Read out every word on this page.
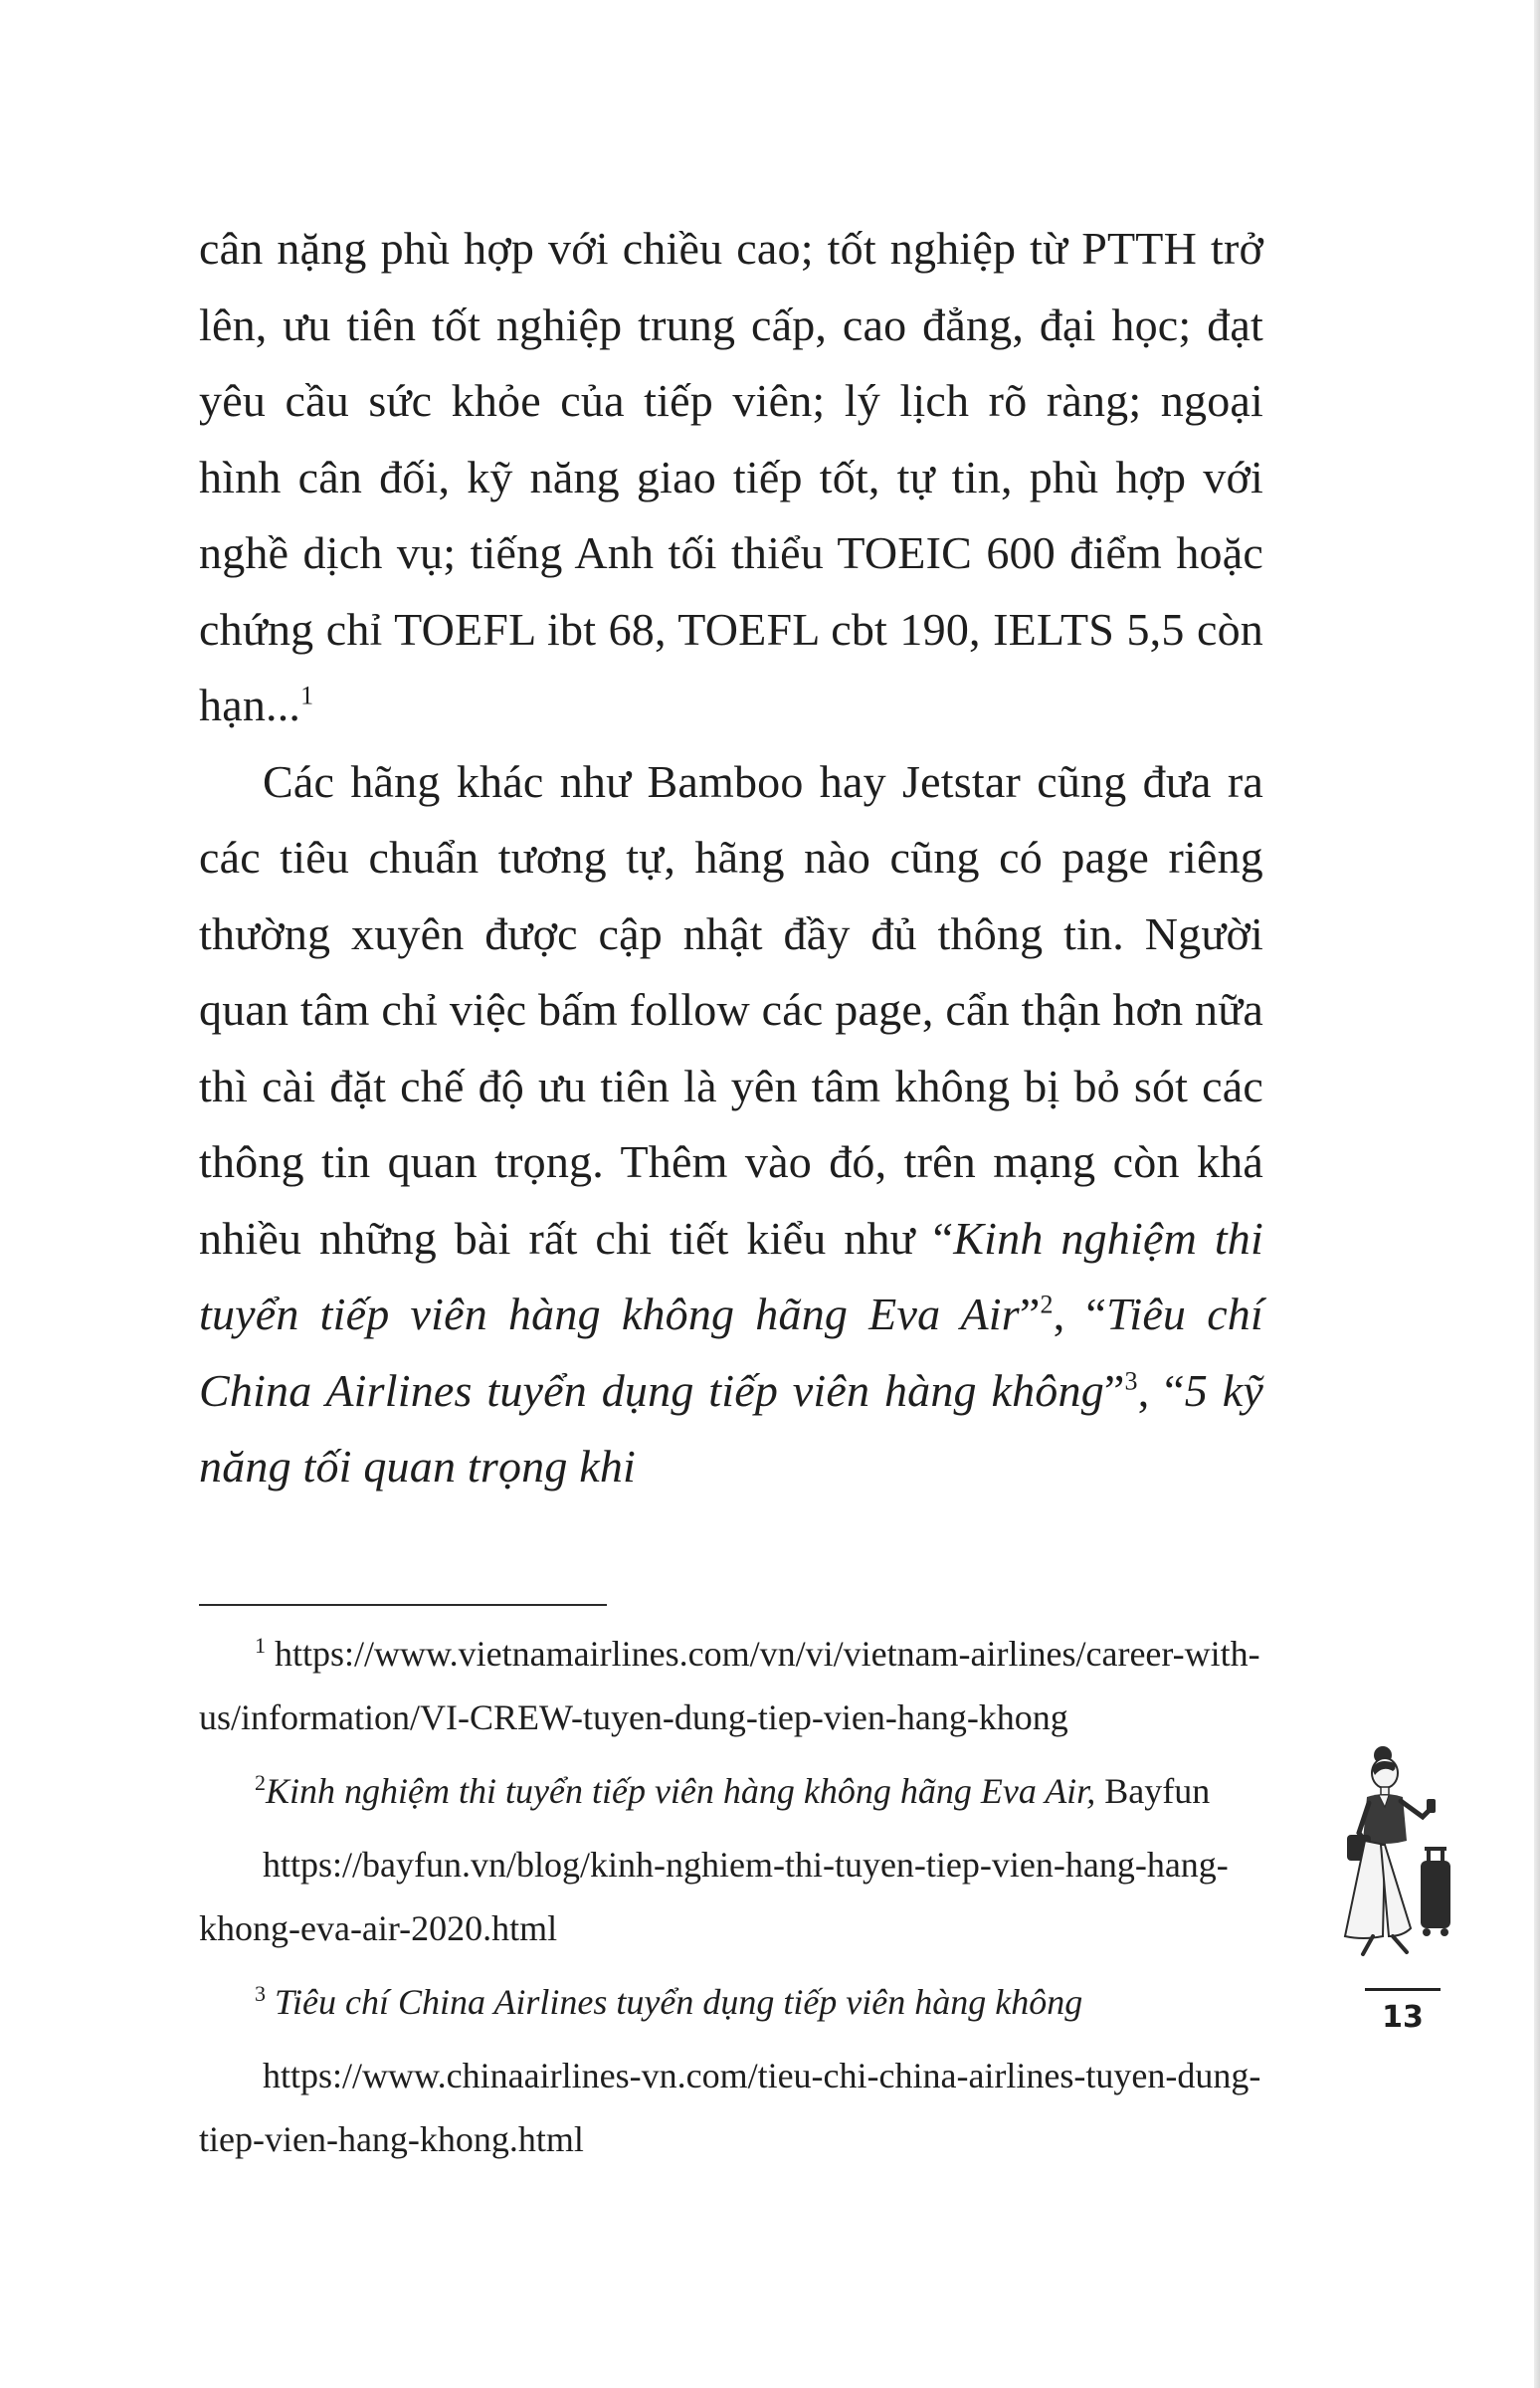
cân nặng phù hợp với chiều cao; tốt nghiệp từ PTTH trở lên, ưu tiên tốt nghiệp trung cấp, cao đẳng, đại học; đạt yêu cầu sức khỏe của tiếp viên; lý lịch rõ ràng; ngoại hình cân đối, kỹ năng giao tiếp tốt, tự tin, phù hợp với nghề dịch vụ; tiếng Anh tối thiểu TOEIC 600 điểm hoặc chứng chỉ TOEFL ibt 68, TOEFL cbt 190, IELTS 5,5 còn hạn...$^1$

Các hãng khác như Bamboo hay Jetstar cũng đưa ra các tiêu chuẩn tương tự, hãng nào cũng có page riêng thường xuyên được cập nhật đầy đủ thông tin. Người quan tâm chỉ việc bấm follow các page, cẩn thận hơn nữa thì cài đặt chế độ ưu tiên là yên tâm không bị bỏ sót các thông tin quan trọng. Thêm vào đó, trên mạng còn khá nhiều những bài rất chi tiết kiểu như “Kinh nghiệm thi tuyển tiếp viên hàng không hãng Eva Air”$^2$, “Tiêu chí China Airlines tuyển dụng tiếp viên hàng không”$^3$, “5 kỹ năng tối quan trọng khi

$^1$ https://www.vietnamairlines.com/vn/vi/vietnam-airlines/career-with-us/information/VI-CREW-tuyen-dung-tiep-vien-hang-khong

$^2$Kinh nghiệm thi tuyển tiếp viên hàng không hãng Eva Air, Bayfun

https://bayfun.vn/blog/kinh-nghiem-thi-tuyen-tiep-vien-hang-hang-khong-eva-air-2020.html

$^3$ Tiêu chí China Airlines tuyển dụng tiếp viên hàng không

https://www.chinaairlines-vn.com/tieu-chi-china-airlines-tuyen-dung-tiep-vien-hang-khong.html

13
